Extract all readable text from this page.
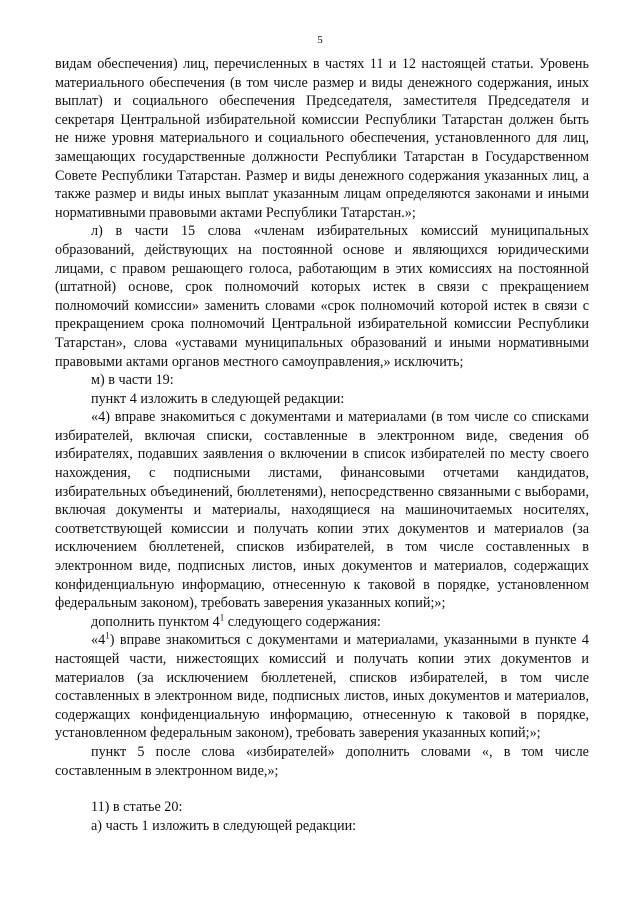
5

видам обеспечения) лиц, перечисленных в частях 11 и 12 настоящей статьи. Уровень материального обеспечения (в том числе размер и виды денежного содержания, иных выплат) и социального обеспечения Председателя, заместителя Председателя и секретаря Центральной избирательной комиссии Республики Татарстан должен быть не ниже уровня материального и социального обеспечения, установленного для лиц, замещающих государственные должности Республики Татарстан в Государственном Совете Республики Татарстан. Размер и виды денежного содержания указанных лиц, а также размер и виды иных выплат указанным лицам определяются законами и иными нормативными правовыми актами Республики Татарстан.»;

л) в части 15 слова «членам избирательных комиссий муниципальных образований, действующих на постоянной основе и являющихся юридическими лицами, с правом решающего голоса, работающим в этих комиссиях на постоянной (штатной) основе, срок полномочий которых истек в связи с прекращением полномочий комиссии» заменить словами «срок полномочий которой истек в связи с прекращением срока полномочий Центральной избирательной комиссии Республики Татарстан», слова «уставами муниципальных образований и иными нормативными правовыми актами органов местного самоуправления,» исключить;

м) в части 19:

пункт 4 изложить в следующей редакции:

«4) вправе знакомиться с документами и материалами (в том числе со списками избирателей, включая списки, составленные в электронном виде, сведения об избирателях, подавших заявления о включении в список избирателей по месту своего нахождения, с подписными листами, финансовыми отчетами кандидатов, избирательных объединений, бюллетенями), непосредственно связанными с выборами, включая документы и материалы, находящиеся на машиночитаемых носителях, соответствующей комиссии и получать копии этих документов и материалов (за исключением бюллетеней, списков избирателей, в том числе составленных в электронном виде, подписных листов, иных документов и материалов, содержащих конфиденциальную информацию, отнесенную к таковой в порядке, установленном федеральным законом), требовать заверения указанных копий;»;

дополнить пунктом $4^1$ следующего содержания:

«$4^1$) вправе знакомиться с документами и материалами, указанными в пункте 4 настоящей части, нижестоящих комиссий и получать копии этих документов и материалов (за исключением бюллетеней, списков избирателей, в том числе составленных в электронном виде, подписных листов, иных документов и материалов, содержащих конфиденциальную информацию, отнесенную к таковой в порядке, установленном федеральным законом), требовать заверения указанных копий;»;

пункт 5 после слова «избирателей» дополнить словами «, в том числе составленным в электронном виде,»;

11) в статье 20:

а) часть 1 изложить в следующей редакции:
